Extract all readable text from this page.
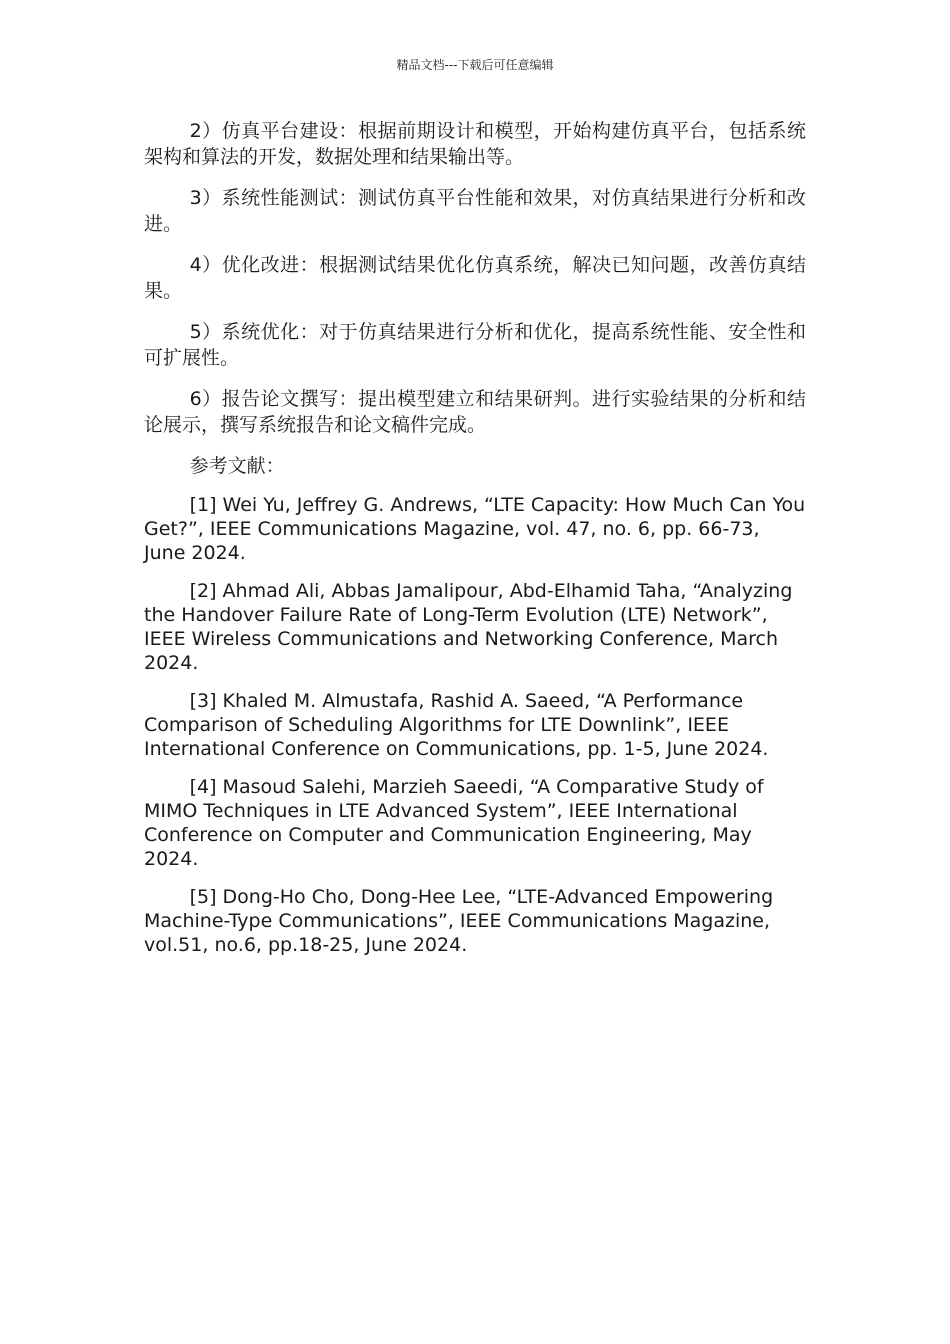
精品文档---下载后可任意编辑

2）仿真平台建设：根据前期设计和模型，开始构建仿真平台，包括系统架构和算法的开发，数据处理和结果输出等。

3）系统性能测试：测试仿真平台性能和效果，对仿真结果进行分析和改进。

4）优化改进：根据测试结果优化仿真系统，解决已知问题，改善仿真结果。

5）系统优化：对于仿真结果进行分析和优化，提高系统性能、安全性和可扩展性。

6）报告论文撰写：提出模型建立和结果研判。进行实验结果的分析和结论展示，撰写系统报告和论文稿件完成。

参考文献：

[1] Wei Yu, Jeffrey G. Andrews, “LTE Capacity: How Much Can You Get?”, IEEE Communications Magazine, vol. 47, no. 6, pp. 66-73, June 2024.

[2] Ahmad Ali, Abbas Jamalipour, Abd-Elhamid Taha, “Analyzing the Handover Failure Rate of Long-Term Evolution (LTE) Network”, IEEE Wireless Communications and Networking Conference, March 2024.

[3] Khaled M. Almustafa, Rashid A. Saeed, “A Performance Comparison of Scheduling Algorithms for LTE Downlink”, IEEE International Conference on Communications, pp. 1-5, June 2024.

[4] Masoud Salehi, Marzieh Saeedi, “A Comparative Study of MIMO Techniques in LTE Advanced System”, IEEE International Conference on Computer and Communication Engineering, May 2024.

[5] Dong-Ho Cho, Dong-Hee Lee, “LTE-Advanced Empowering Machine-Type Communications”, IEEE Communications Magazine, vol.51, no.6, pp.18-25, June 2024.
